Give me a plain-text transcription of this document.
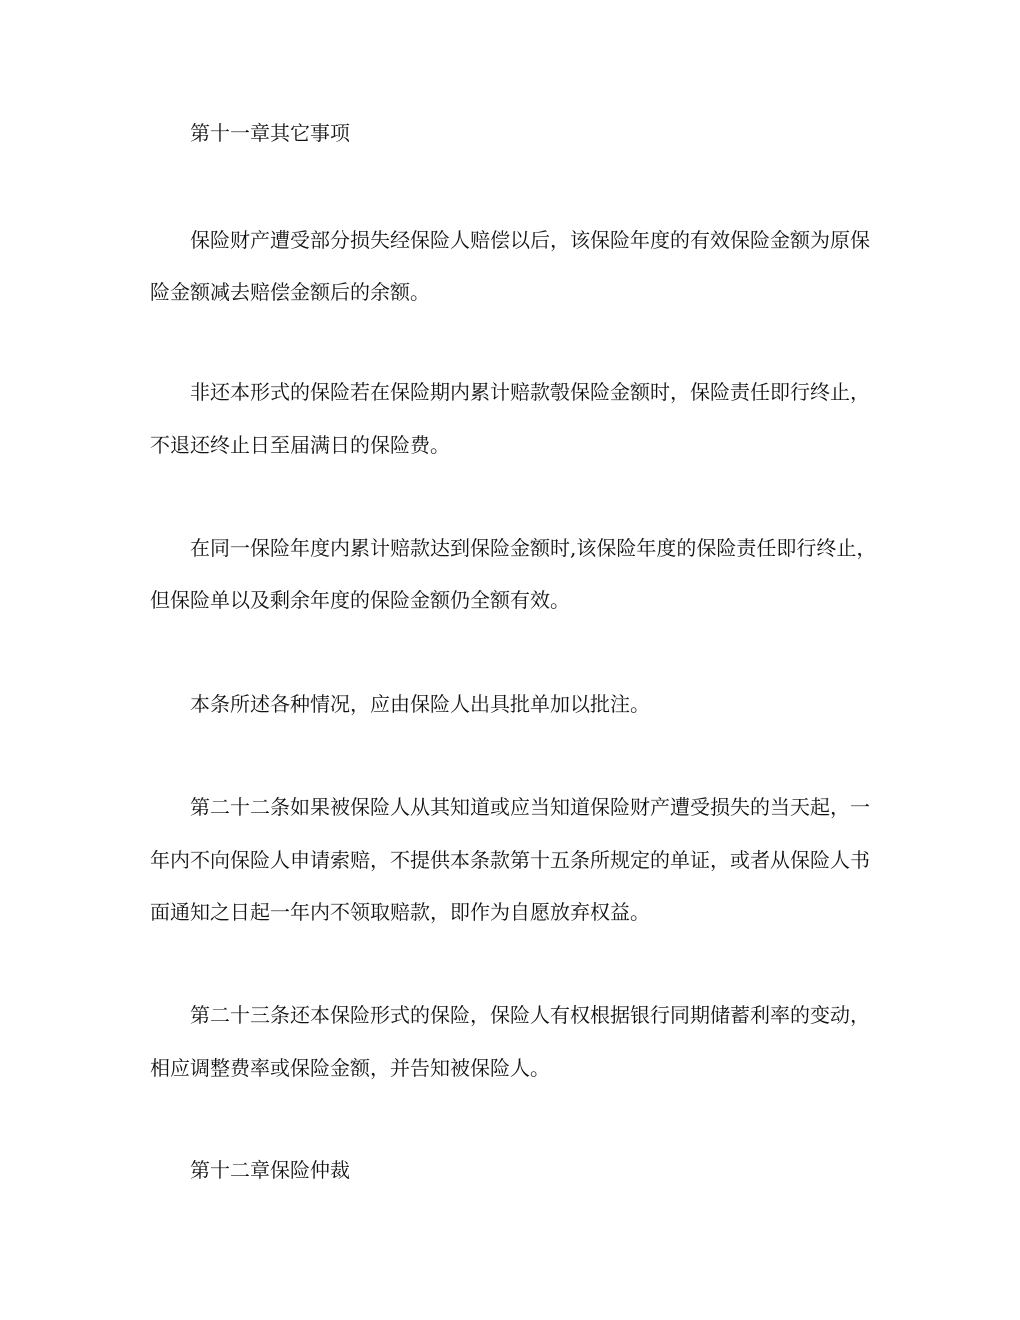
第十一章其它事项
保险财产遭受部分损失经保险人赔偿以后，该保险年度的有效保险金额为原保
险金额减去赔偿金额后的余额。
非还本形式的保险若在保险期内累计赔款彀保险金额时，保险责任即行终止，
不退还终止日至届满日的保险费。
在同一保险年度内累计赔款达到保险金额时,该保险年度的保险责任即行终止，
但保险单以及剩余年度的保险金额仍全额有效。
本条所述各种情况，应由保险人出具批单加以批注。
第二十二条如果被保险人从其知道或应当知道保险财产遭受损失的当天起，一
年内不向保险人申请索赔，不提供本条款第十五条所规定的单证，或者从保险人书
面通知之日起一年内不领取赔款，即作为自愿放弃权益。
第二十三条还本保险形式的保险，保险人有权根据银行同期储蓄利率的变动，
相应调整费率或保险金额，并告知被保险人。
第十二章保险仲裁
